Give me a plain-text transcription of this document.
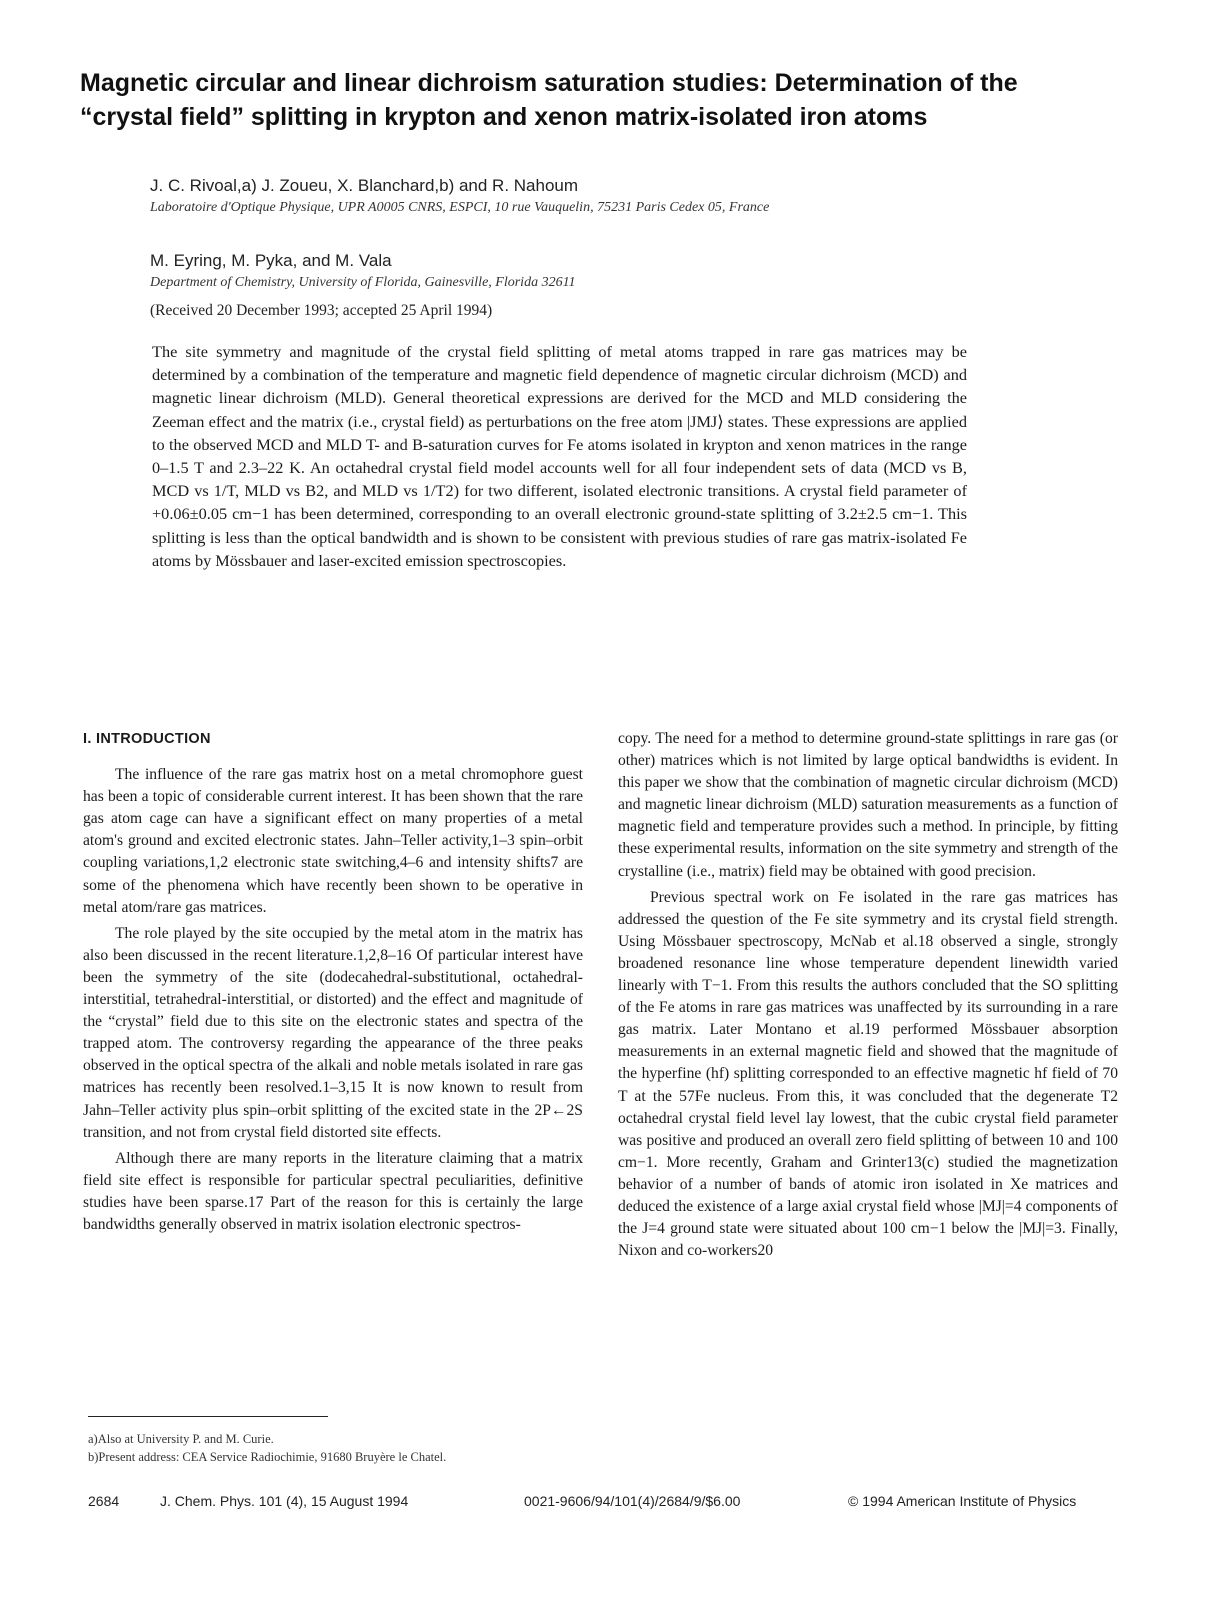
Magnetic circular and linear dichroism saturation studies: Determination of the “crystal field” splitting in krypton and xenon matrix-isolated iron atoms
J. C. Rivoal,a) J. Zoueu, X. Blanchard,b) and R. Nahoum
Laboratoire d'Optique Physique, UPR A0005 CNRS, ESPCI, 10 rue Vauquelin, 75231 Paris Cedex 05, France
M. Eyring, M. Pyka, and M. Vala
Department of Chemistry, University of Florida, Gainesville, Florida 32611
(Received 20 December 1993; accepted 25 April 1994)

The site symmetry and magnitude of the crystal field splitting of metal atoms trapped in rare gas matrices may be determined by a combination of the temperature and magnetic field dependence of magnetic circular dichroism (MCD) and magnetic linear dichroism (MLD). General theoretical expressions are derived for the MCD and MLD considering the Zeeman effect and the matrix (i.e., crystal field) as perturbations on the free atom |JMJ⟩ states. These expressions are applied to the observed MCD and MLD T- and B-saturation curves for Fe atoms isolated in krypton and xenon matrices in the range 0–1.5 T and 2.3–22 K. An octahedral crystal field model accounts well for all four independent sets of data (MCD vs B, MCD vs 1/T, MLD vs B2, and MLD vs 1/T2) for two different, isolated electronic transitions. A crystal field parameter of +0.06±0.05 cm−1 has been determined, corresponding to an overall electronic ground-state splitting of 3.2±2.5 cm−1. This splitting is less than the optical bandwidth and is shown to be consistent with previous studies of rare gas matrix-isolated Fe atoms by Mössbauer and laser-excited emission spectroscopies.

I. INTRODUCTION

The influence of the rare gas matrix host on a metal chromophore guest has been a topic of considerable current interest. It has been shown that the rare gas atom cage can have a significant effect on many properties of a metal atom's ground and excited electronic states. Jahn–Teller activity,1–3 spin–orbit coupling variations,1,2 electronic state switching,4–6 and intensity shifts7 are some of the phenomena which have recently been shown to be operative in metal atom/rare gas matrices.

The role played by the site occupied by the metal atom in the matrix has also been discussed in the recent literature.1,2,8–16 Of particular interest have been the symmetry of the site (dodecahedral-substitutional, octahedral-interstitial, tetrahedral-interstitial, or distorted) and the effect and magnitude of the “crystal” field due to this site on the electronic states and spectra of the trapped atom. The controversy regarding the appearance of the three peaks observed in the optical spectra of the alkali and noble metals isolated in rare gas matrices has recently been resolved.1–3,15 It is now known to result from Jahn–Teller activity plus spin–orbit splitting of the excited state in the 2P←2S transition, and not from crystal field distorted site effects.

Although there are many reports in the literature claiming that a matrix field site effect is responsible for particular spectral peculiarities, definitive studies have been sparse.17 Part of the reason for this is certainly the large bandwidths generally observed in matrix isolation electronic spectros-

copy. The need for a method to determine ground-state splittings in rare gas (or other) matrices which is not limited by large optical bandwidths is evident. In this paper we show that the combination of magnetic circular dichroism (MCD) and magnetic linear dichroism (MLD) saturation measurements as a function of magnetic field and temperature provides such a method. In principle, by fitting these experimental results, information on the site symmetry and strength of the crystalline (i.e., matrix) field may be obtained with good precision.

Previous spectral work on Fe isolated in the rare gas matrices has addressed the question of the Fe site symmetry and its crystal field strength. Using Mössbauer spectroscopy, McNab et al.18 observed a single, strongly broadened resonance line whose temperature dependent linewidth varied linearly with T−1. From this results the authors concluded that the SO splitting of the Fe atoms in rare gas matrices was unaffected by its surrounding in a rare gas matrix. Later Montano et al.19 performed Mössbauer absorption measurements in an external magnetic field and showed that the magnitude of the hyperfine (hf) splitting corresponded to an effective magnetic hf field of 70 T at the 57Fe nucleus. From this, it was concluded that the degenerate T2 octahedral crystal field level lay lowest, that the cubic crystal field parameter was positive and produced an overall zero field splitting of between 10 and 100 cm−1. More recently, Graham and Grinter13(c) studied the magnetization behavior of a number of bands of atomic iron isolated in Xe matrices and deduced the existence of a large axial crystal field whose |MJ|=4 components of the J=4 ground state were situated about 100 cm−1 below the |MJ|=3. Finally, Nixon and co-workers20

a)Also at University P. and M. Curie.
b)Present address: CEA Service Radiochimie, 91680 Bruyère le Chatel.
2684	J. Chem. Phys. 101 (4), 15 August 1994	0021-9606/94/101(4)/2684/9/$6.00	© 1994 American Institute of Physics
